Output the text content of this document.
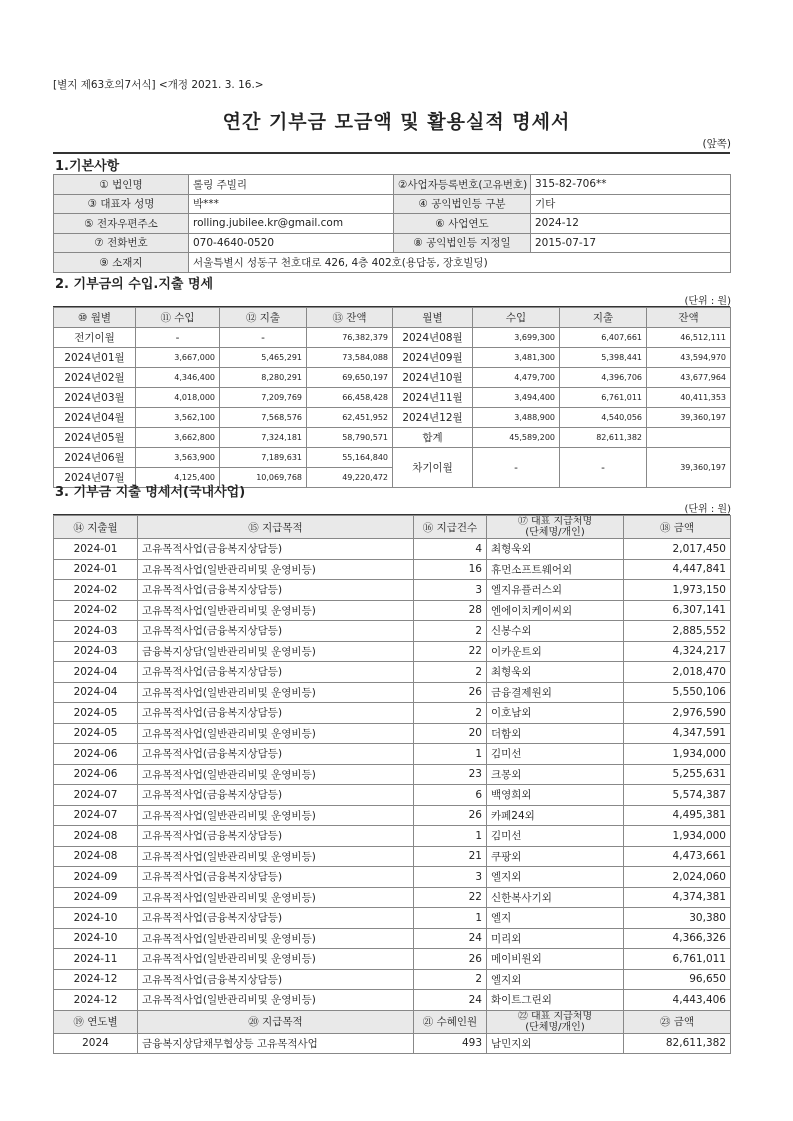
[별지 제63호의7서식] <개정 2021. 3. 16.>
연간 기부금 모금액 및 활용실적 명세서
(앞쪽)
1.기본사항
① 법인명	롤링 주빌리	②사업자등록번호(고유번호)	315-82-706**
③ 대표자 성명	박***	④ 공익법인등 구분	기타
⑤ 전자우편주소	rolling.jubilee.kr@gmail.com	⑥ 사업연도	2024-12
⑦ 전화번호	070-4640-0520	⑧ 공익법인등 지정일	2015-07-17
⑨ 소재지	서울특별시 성동구 천호대로 426, 4층 402호(용답동, 장호빌딩)		
2. 기부금의 수입.지출 명세
(단위 : 원)
⑩ 월별	⑪ 수입	⑫ 지출	⑬ 잔액	월별	수입	지출	잔액
전기이월	-	-	76,382,379	2024년08월	3,699,300	6,407,661	46,512,111
2024년01월	3,667,000	5,465,291	73,584,088	2024년09월	3,481,300	5,398,441	43,594,970
2024년02월	4,346,400	8,280,291	69,650,197	2024년10월	4,479,700	4,396,706	43,677,964
2024년03월	4,018,000	7,209,769	66,458,428	2024년11월	3,494,400	6,761,011	40,411,353
2024년04월	3,562,100	7,568,576	62,451,952	2024년12월	3,488,900	4,540,056	39,360,197
2024년05월	3,662,800	7,324,181	58,790,571	합계	45,589,200	82,611,382	
2024년06월	3,563,900	7,189,631	55,164,840	차기이월	-	-	39,360,197
2024년07월	4,125,400	10,069,768	49,220,472				
3. 기부금 지출 명세서(국내사업)
(단위 : 원)
⑭ 지출월	⑮ 지급목적	⑯ 지급건수	⑰ 대표 지급처명
(단체명/개인)	⑱ 금액
2024-01	고유목적사업(금융복지상담등)	4	최형욱외	2,017,450
2024-01	고유목적사업(일반관리비및 운영비등)	16	휴먼소프트웨어외	4,447,841
2024-02	고유목적사업(금융복지상담등)	3	엘지유플러스외	1,973,150
2024-02	고유목적사업(일반관리비및 운영비등)	28	엔에이치케이씨외	6,307,141
2024-03	고유목적사업(금융복지상담등)	2	신봉수외	2,885,552
2024-03	금융복지상담(일반관리비및 운영비등)	22	이카운트외	4,324,217
2024-04	고유목적사업(금융복지상담등)	2	최형욱외	2,018,470
2024-04	고유목적사업(일반관리비및 운영비등)	26	금융결제원외	5,550,106
2024-05	고유목적사업(금융복지상담등)	2	이호남외	2,976,590
2024-05	고유목적사업(일반관리비및 운영비등)	20	더함외	4,347,591
2024-06	고유목적사업(금융복지상담등)	1	김미선	1,934,000
2024-06	고유목적사업(일반관리비및 운영비등)	23	크몽외	5,255,631
2024-07	고유목적사업(금융복지상담등)	6	백영희외	5,574,387
2024-07	고유목적사업(일반관리비및 운영비등)	26	카페24외	4,495,381
2024-08	고유목적사업(금융복지상담등)	1	김미선	1,934,000
2024-08	고유목적사업(일반관리비및 운영비등)	21	쿠팡외	4,473,661
2024-09	고유목적사업(금융복지상담등)	3	엘지외	2,024,060
2024-09	고유목적사업(일반관리비및 운영비등)	22	신한복사기외	4,374,381
2024-10	고유목적사업(금융복지상담등)	1	엘지	30,380
2024-10	고유목적사업(일반관리비및 운영비등)	24	미리외	4,366,326
2024-11	고유목적사업(일반관리비및 운영비등)	26	메이비원외	6,761,011
2024-12	고유목적사업(금융복지상담등)	2	엘지외	96,650
2024-12	고유목적사업(일반관리비및 운영비등)	24	화이트그린외	4,443,406
⑲ 연도별	⑳ 지급목적	㉑ 수혜인원	㉒ 대표 지급처명
(단체명/개인)	㉓ 금액
2024	금융복지상담채무협상등 고유목적사업	493	남민지외	82,611,382
